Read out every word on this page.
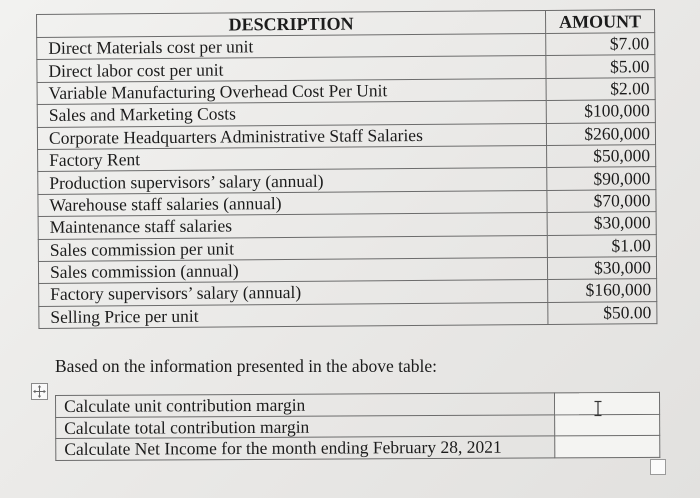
DESCRIPTION	AMOUNT
Direct Materials cost per unit	$7.00
Direct labor cost per unit	$5.00
Variable Manufacturing Overhead Cost Per Unit	$2.00
Sales and Marketing Costs	$100,000
Corporate Headquarters Administrative Staff Salaries	$260,000
Factory Rent	$50,000
Production supervisors’ salary (annual)	$90,000
Warehouse staff salaries (annual)	$70,000
Maintenance staff salaries	$30,000
Sales commission per unit	$1.00
Sales commission (annual)	$30,000
Factory supervisors’ salary (annual)	$160,000
Selling Price per unit	$50.00
Based on the information presented in the above table:
Calculate unit contribution margin	
Calculate total contribution margin	
Calculate Net Income for the month ending February 28, 2021	
